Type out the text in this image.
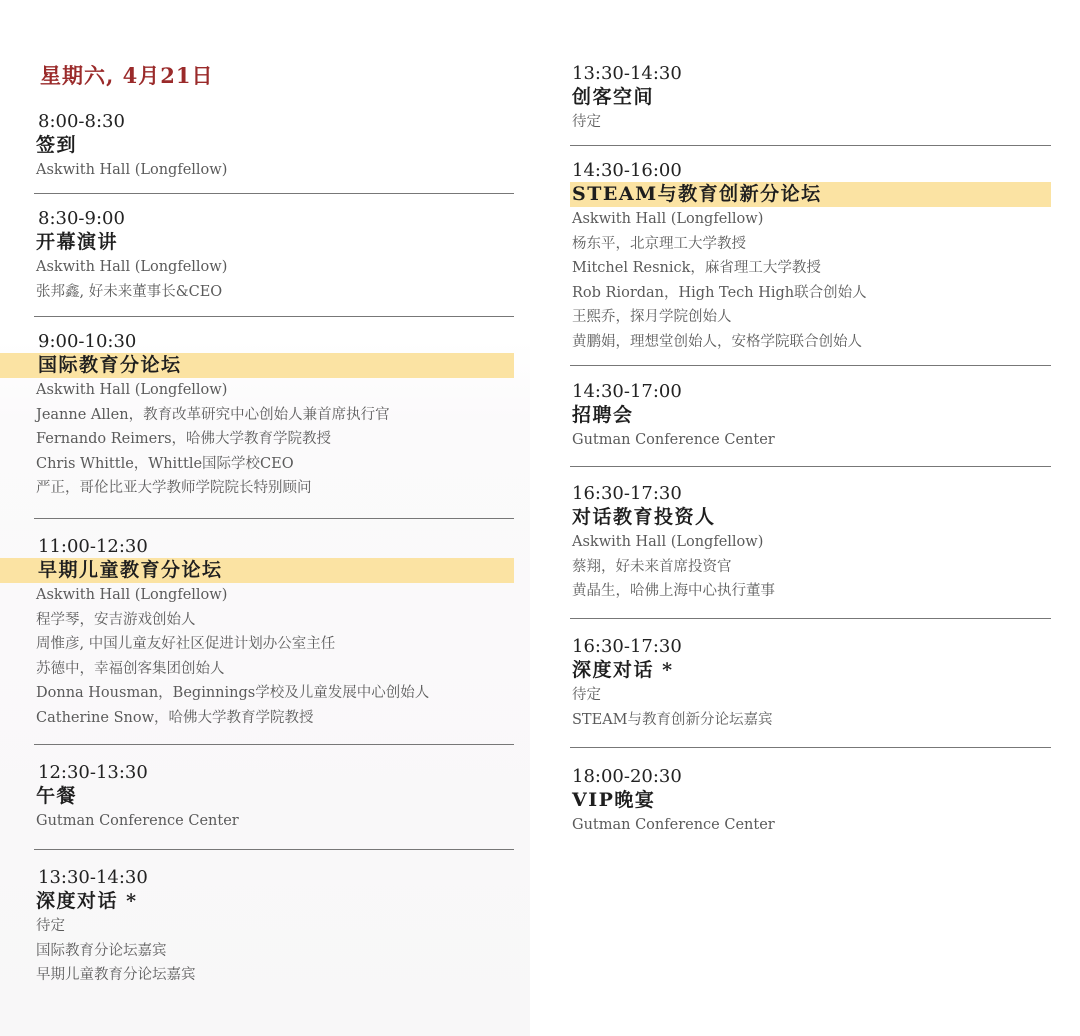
星期六, 4月21日
8:00-8:30
签到
Askwith Hall (Longfellow)
8:30-9:00
开幕演讲
Askwith Hall (Longfellow)
张邦鑫, 好未来董事长&CEO
9:00-10:30
国际教育分论坛
Askwith Hall (Longfellow)
Jeanne Allen，教育改革研究中心创始人兼首席执行官
Fernando Reimers，哈佛大学教育学院教授
Chris Whittle，Whittle国际学校CEO
严正，哥伦比亚大学教师学院院长特别顾问
11:00-12:30
早期儿童教育分论坛
Askwith Hall (Longfellow)
程学琴，安吉游戏创始人
周惟彦, 中国儿童友好社区促进计划办公室主任
苏德中，幸福创客集团创始人
Donna Housman，Beginnings学校及儿童发展中心创始人
Catherine Snow，哈佛大学教育学院教授
12:30-13:30
午餐
Gutman Conference Center
13:30-14:30
深度对话 *
待定
国际教育分论坛嘉宾
早期儿童教育分论坛嘉宾
13:30-14:30
创客空间
待定
14:30-16:00
STEAM与教育创新分论坛
Askwith Hall (Longfellow)
杨东平，北京理工大学教授
Mitchel Resnick，麻省理工大学教授
Rob Riordan，High Tech High联合创始人
王熙乔，探月学院创始人
黄鹏娟，理想堂创始人，安格学院联合创始人
14:30-17:00
招聘会
Gutman Conference Center
16:30-17:30
对话教育投资人
Askwith Hall (Longfellow)
蔡翔，好未来首席投资官
黄晶生，哈佛上海中心执行董事
16:30-17:30
深度对话 *
待定
STEAM与教育创新分论坛嘉宾
18:00-20:30
VIP晚宴
Gutman Conference Center
